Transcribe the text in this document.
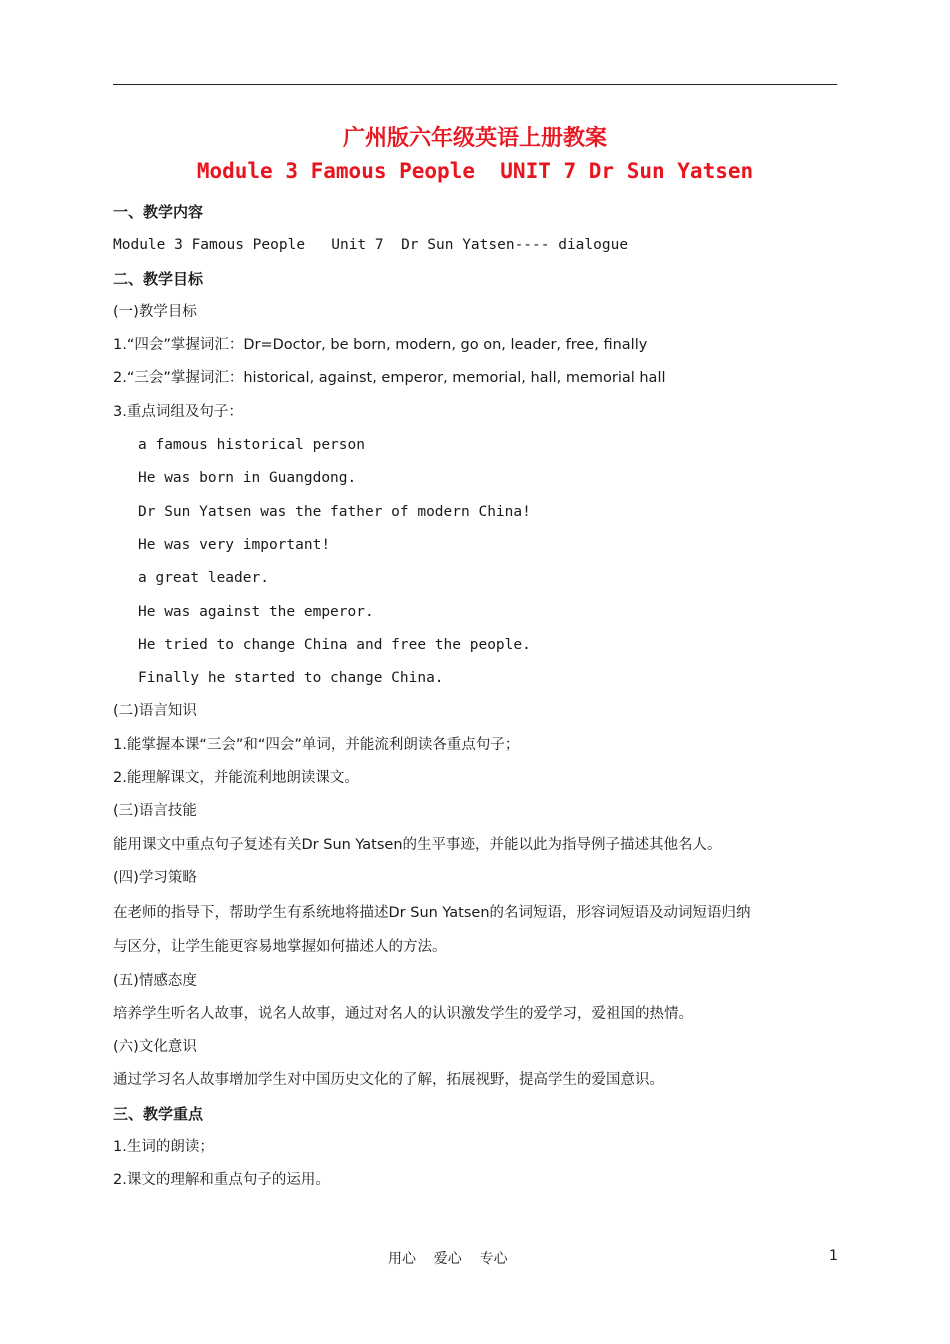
广州版六年级英语上册教案
Module 3 Famous People  UNIT 7 Dr Sun Yatsen
一、教学内容
Module 3 Famous People   Unit 7  Dr Sun Yatsen---- dialogue
二、教学目标
(一)教学目标
1.“四会”掌握词汇：Dr=Doctor, be born, modern, go on, leader, free, finally
2.“三会”掌握词汇：historical, against, emperor, memorial, hall, memorial hall
3.重点词组及句子：
a famous historical person
He was born in Guangdong.
Dr Sun Yatsen was the father of modern China!
He was very important!
a great leader.
He was against the emperor.
He tried to change China and free the people.
Finally he started to change China.
(二)语言知识
1.能掌握本课“三会”和“四会”单词，并能流利朗读各重点句子；
2.能理解课文，并能流利地朗读课文。
(三)语言技能
能用课文中重点句子复述有关Dr Sun Yatsen的生平事迹，并能以此为指导例子描述其他名人。
(四)学习策略
在老师的指导下，帮助学生有系统地将描述Dr Sun Yatsen的名词短语，形容词短语及动词短语归纳
与区分，让学生能更容易地掌握如何描述人的方法。
(五)情感态度
培养学生听名人故事，说名人故事，通过对名人的认识激发学生的爱学习，爱祖国的热情。
(六)文化意识
通过学习名人故事增加学生对中国历史文化的了解，拓展视野，提高学生的爱国意识。
三、教学重点
1.生词的朗读；
2.课文的理解和重点句子的运用。
用心    爱心    专心	1
